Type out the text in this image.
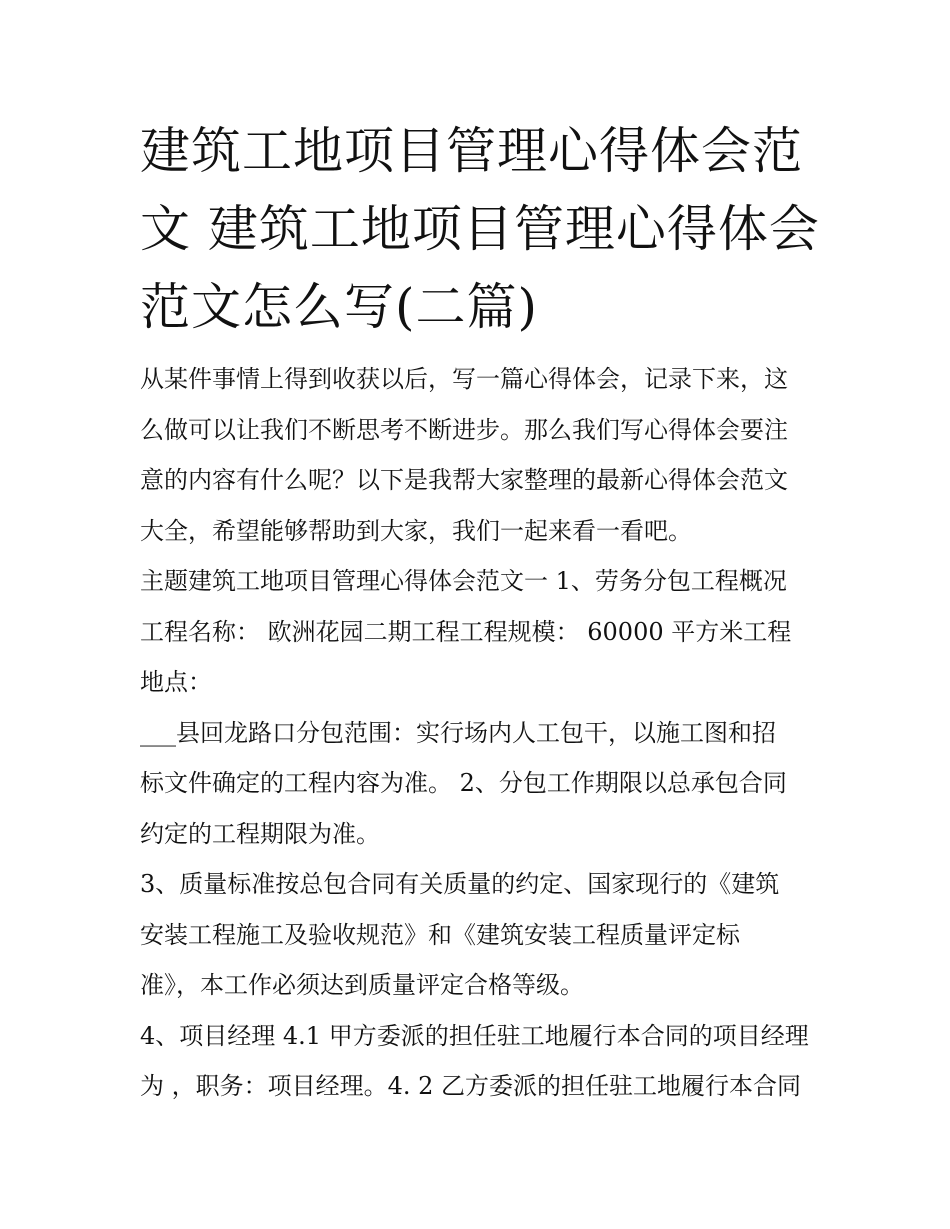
建筑工地项目管理心得体会范
文 建筑工地项目管理心得体会
范文怎么写(二篇)
从某件事情上得到收获以后，写一篇心得体会，记录下来，这
么做可以让我们不断思考不断进步。那么我们写心得体会要注
意的内容有什么呢？以下是我帮大家整理的最新心得体会范文
大全，希望能够帮助到大家，我们一起来看一看吧。
主题建筑工地项目管理心得体会范文一 1、劳务分包工程概况
工程名称： 欧洲花园二期工程工程规模： 60000 平方米工程
地点：
___县回龙路口分包范围：实行场内人工包干，以施工图和招
标文件确定的工程内容为准。 2、分包工作期限以总承包合同
约定的工程期限为准。
3、质量标准按总包合同有关质量的约定、国家现行的《建筑
安装工程施工及验收规范》和《建筑安装工程质量评定标
准》，本工作必须达到质量评定合格等级。
4、项目经理 4.1 甲方委派的担任驻工地履行本合同的项目经理
为 ，职务：项目经理。4. 2 乙方委派的担任驻工地履行本合同
